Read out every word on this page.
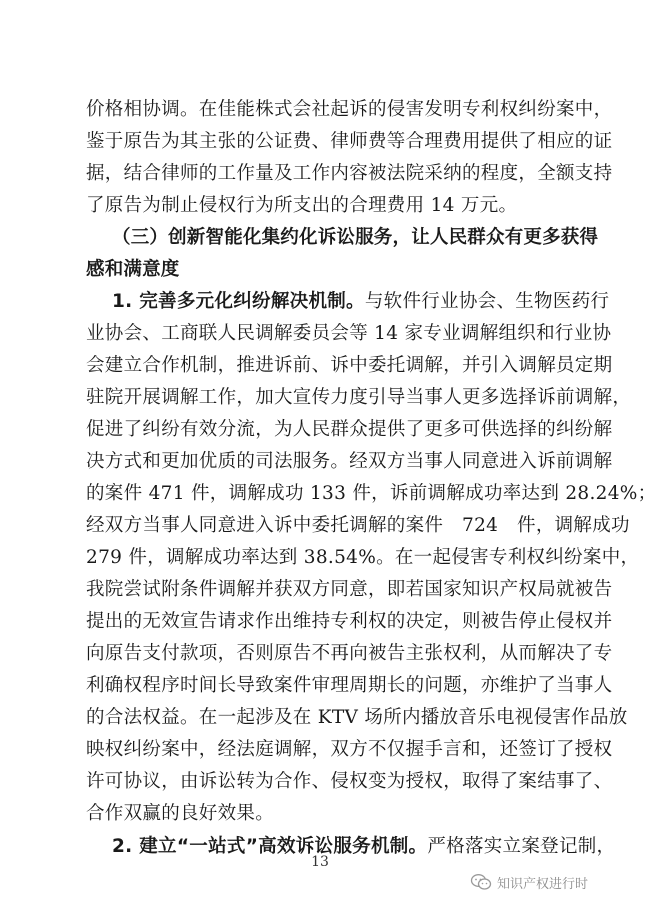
价格相协调。在佳能株式会社起诉的侵害发明专利权纠纷案中，
鉴于原告为其主张的公证费、律师费等合理费用提供了相应的证
据，结合律师的工作量及工作内容被法院采纳的程度，全额支持
了原告为制止侵权行为所支出的合理费用 14 万元。
（三）创新智能化集约化诉讼服务，让人民群众有更多获得
感和满意度
1. 完善多元化纠纷解决机制。与软件行业协会、生物医药行
业协会、工商联人民调解委员会等 14 家专业调解组织和行业协
会建立合作机制，推进诉前、诉中委托调解，并引入调解员定期
驻院开展调解工作，加大宣传力度引导当事人更多选择诉前调解，
促进了纠纷有效分流，为人民群众提供了更多可供选择的纠纷解
决方式和更加优质的司法服务。经双方当事人同意进入诉前调解
的案件 471 件，调解成功 133 件，诉前调解成功率达到 28.24%；
经双方当事人同意进入诉中委托调解的案件　724　件，调解成功
279 件，调解成功率达到 38.54%。在一起侵害专利权纠纷案中，
我院尝试附条件调解并获双方同意，即若国家知识产权局就被告
提出的无效宣告请求作出维持专利权的决定，则被告停止侵权并
向原告支付款项，否则原告不再向被告主张权利，从而解决了专
利确权程序时间长导致案件审理周期长的问题，亦维护了当事人
的合法权益。在一起涉及在 KTV 场所内播放音乐电视侵害作品放
映权纠纷案中，经法庭调解，双方不仅握手言和，还签订了授权
许可协议，由诉讼转为合作、侵权变为授权，取得了案结事了、
合作双赢的良好效果。
2. 建立“一站式”高效诉讼服务机制。严格落实立案登记制，
13
知识产权进行时
